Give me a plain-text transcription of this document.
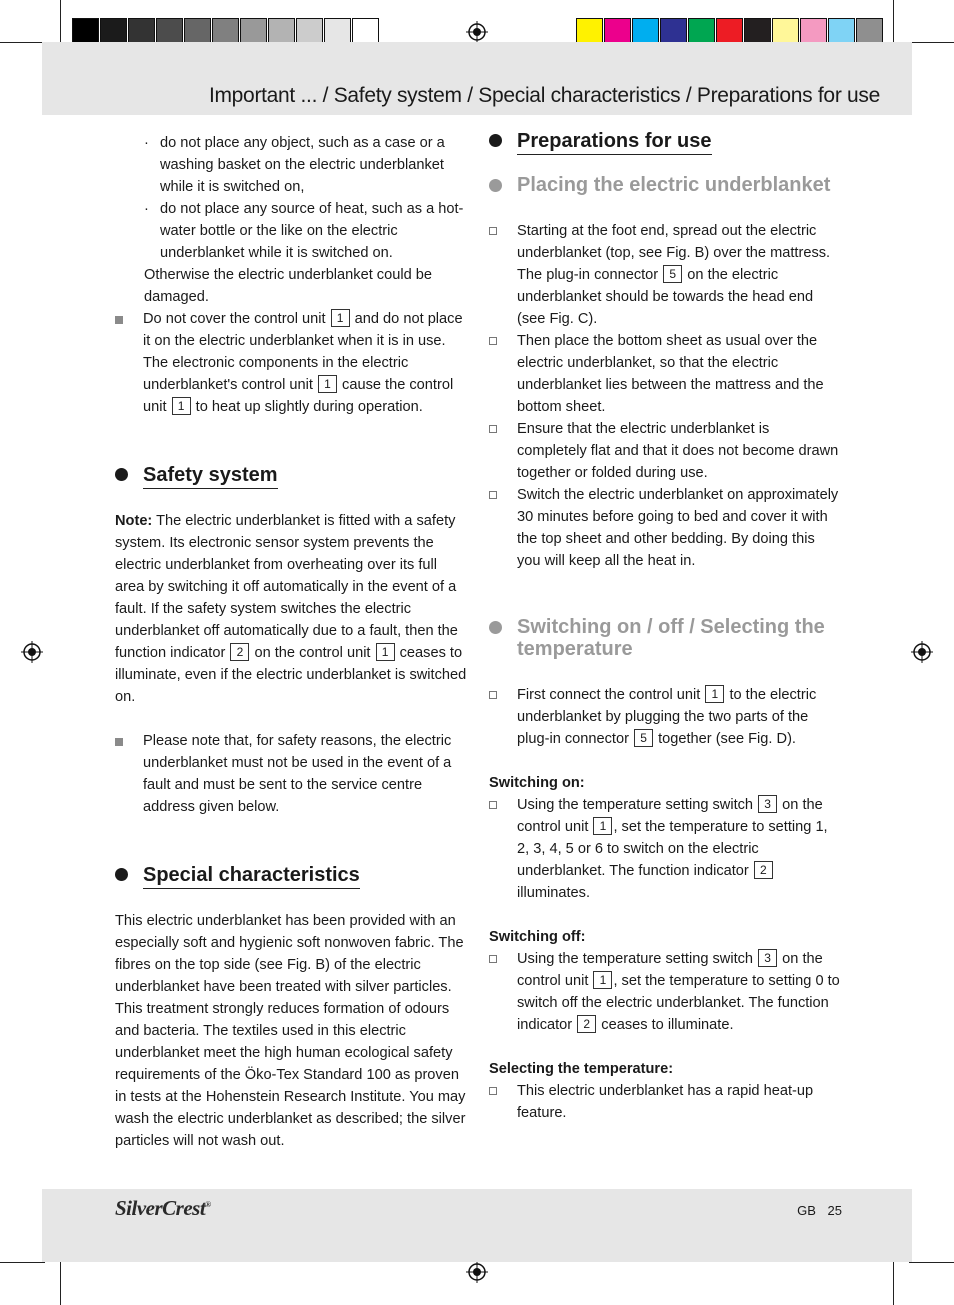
Important ... / Safety system / Special characteristics / Preparations for use

· do not place any object, such as a case or a washing basket on the electric underblanket while it is switched on,

· do not place any source of heat, such as a hot-water bottle or the like on the electric underblanket while it is switched on.

Otherwise the electric underblanket could be damaged.

Do not cover the control unit 1 and do not place it on the electric underblanket when it is in use. The electronic components in the electric underblanket's control unit 1 cause the control unit 1 to heat up slightly during operation.

Safety system

Note: The electric underblanket is fitted with a safety system. Its electronic sensor system prevents the electric underblanket from overheating over its full area by switching it off automatically in the event of a fault. If the safety system switches the electric underblanket off automatically due to a fault, then the function indicator 2 on the control unit 1 ceases to illuminate, even if the electric underblanket is switched on.

Please note that, for safety reasons, the electric underblanket must not be used in the event of a fault and must be sent to the service centre address given below.

Special characteristics

This electric underblanket has been provided with an especially soft and hygienic soft nonwoven fabric. The fibres on the top side (see Fig. B) of the electric underblanket have been treated with silver particles. This treatment strongly reduces formation of odours and bacteria. The textiles used in this electric underblanket meet the high human ecological safety requirements of the Öko-Tex Standard 100 as proven in tests at the Hohenstein Research Institute. You may wash the electric underblanket as described; the silver particles will not wash out.

Preparations for use
Placing the electric underblanket

Starting at the foot end, spread out the electric underblanket (top, see Fig. B) over the mattress. The plug-in connector 5 on the electric underblanket should be towards the head end (see Fig. C).

Then place the bottom sheet as usual over the electric underblanket, so that the electric underblanket lies between the mattress and the bottom sheet.

Ensure that the electric underblanket is completely flat and that it does not become drawn together or folded during use.

Switch the electric underblanket on approximately 30 minutes before going to bed and cover it with the top sheet and other bedding. By doing this you will keep all the heat in.

Switching on / off / Selecting the temperature

First connect the control unit 1 to the electric underblanket by plugging the two parts of the plug-in connector 5 together (see Fig. D).

Switching on:

Using the temperature setting switch 3 on the control unit 1 , set the temperature to setting 1, 2, 3, 4, 5 or 6 to switch on the electric underblanket. The function indicator 2 illuminates.

Switching off:

Using the temperature setting switch 3 on the control unit 1 , set the temperature to setting 0 to switch off the electric underblanket. The function indicator 2 ceases to illuminate.

Selecting the temperature:

This electric underblanket has a rapid heat-up feature.

SilverCrest®	GB 25
